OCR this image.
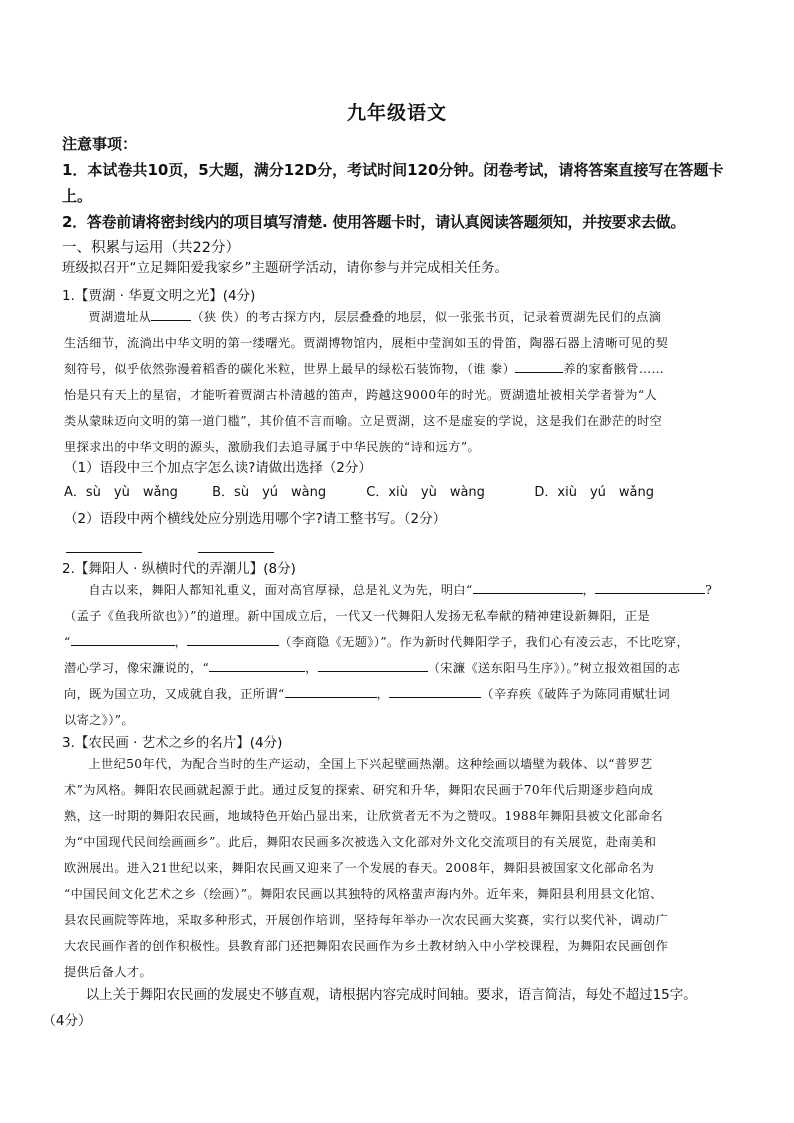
九年级语文

注意事项：

1．本试卷共10页，5大题，满分12D分，考试时间120分钟。闭卷考试，请将答案直接写在答题卡上。

2．答卷前请将密封线内的项目填写清楚. 使用答题卡时，请认真阅读答题须知，并按要求去做。

一、积累与运用（共22分）

班级拟召开“立足舞阳爱我家乡”主题研学活动，请你参与并完成相关任务。
1.【贾湖 · 华夏文明之光】(4分)
贾湖遗址从	（狭 佚）的考古探方内，层层叠叠的地层，似一张张书页，记录着贾湖先民们的点滴
生活细节，流淌出中华文明的第一缕曙光。贾湖博物馆内，展柜中莹润如玉的骨笛，陶器石器上清晰可见的契
刻符号，似乎依然弥漫着稻香的碳化米粒，世界上最早的绿松石装饰物，（谁 豢）	养的家畜骸骨……
怡是只有天上的星宿，才能听着贾湖古朴清越的笛声，跨越这9000年的时光。贾湖遗址被相关学者誉为“人
类从蒙昧迈向文明的第一道门槛”，其价值不言而喻。立足贾湖，这不是虚妄的学说，这是我们在渺茫的时空
里探求出的中华文明的源头，激励我们去追寻属于中华民族的“诗和远方”。
（1）语段中三个加点字怎么读?请做出选择（2分）
A．sù　yù　wǎng	B．sù　yú　wàng	C．xiù　yù　wàng	D．xiù　yú　wǎng
（2）语段中两个横线处应分别选用哪个字?请工整书写。（2分）
2.【舞阳人 · 纵横时代的弄潮儿】(8分)
自古以来，舞阳人都知礼重义，面对高官厚禄，总是礼义为先，明白“	，	?
（孟子《鱼我所欲也》）”的道理。新中国成立后，一代又一代舞阳人发扬无私奉献的精神建设新舞阳，正是
“	，	（李商隐《无题》）”。作为新时代舞阳学子，我们心有凌云志，不比吃穿，
潜心学习，像宋濂说的，“	，	（宋濂《送东阳马生序》）。”树立报效祖国的志
向，既为国立功，又成就自我，正所谓“	，	（辛弃疾《破阵子为陈同甫赋壮词
以寄之》）”。
3.【农民画 · 艺术之乡的名片】(4分)
上世纪50年代，为配合当时的生产运动，全国上下兴起壁画热潮。这种绘画以墙壁为载体、以“普罗艺
术”为风格。舞阳农民画就起源于此。通过反复的探索、研究和升华，舞阳农民画于70年代后期逐步趋向成
熟，这一时期的舞阳农民画，地域特色开始凸显出来，让欣赏者无不为之赞叹。1988年舞阳县被文化部命名
为“中国现代民间绘画画乡”。此后，舞阳农民画多次被选入文化部对外文化交流项目的有关展览，赴南美和
欧洲展出。进入21世纪以来，舞阳农民画又迎来了一个发展的春天。2008年，舞阳县被国家文化部命名为
“中国民间文化艺术之乡（绘画）”。舞阳农民画以其独特的风格蜚声海内外。近年来，舞阳县利用县文化馆、
县农民画院等阵地，采取多种形式，开展创作培训，坚持每年举办一次农民画大奖赛，实行以奖代补，调动广
大农民画作者的创作积极性。县教育部门还把舞阳农民画作为乡土教材纳入中小学校课程，为舞阳农民画创作
提供后备人才。
以上关于舞阳农民画的发展史不够直观，请根据内容完成时间轴。要求，语言简洁，每处不超过15字。
（4分）
